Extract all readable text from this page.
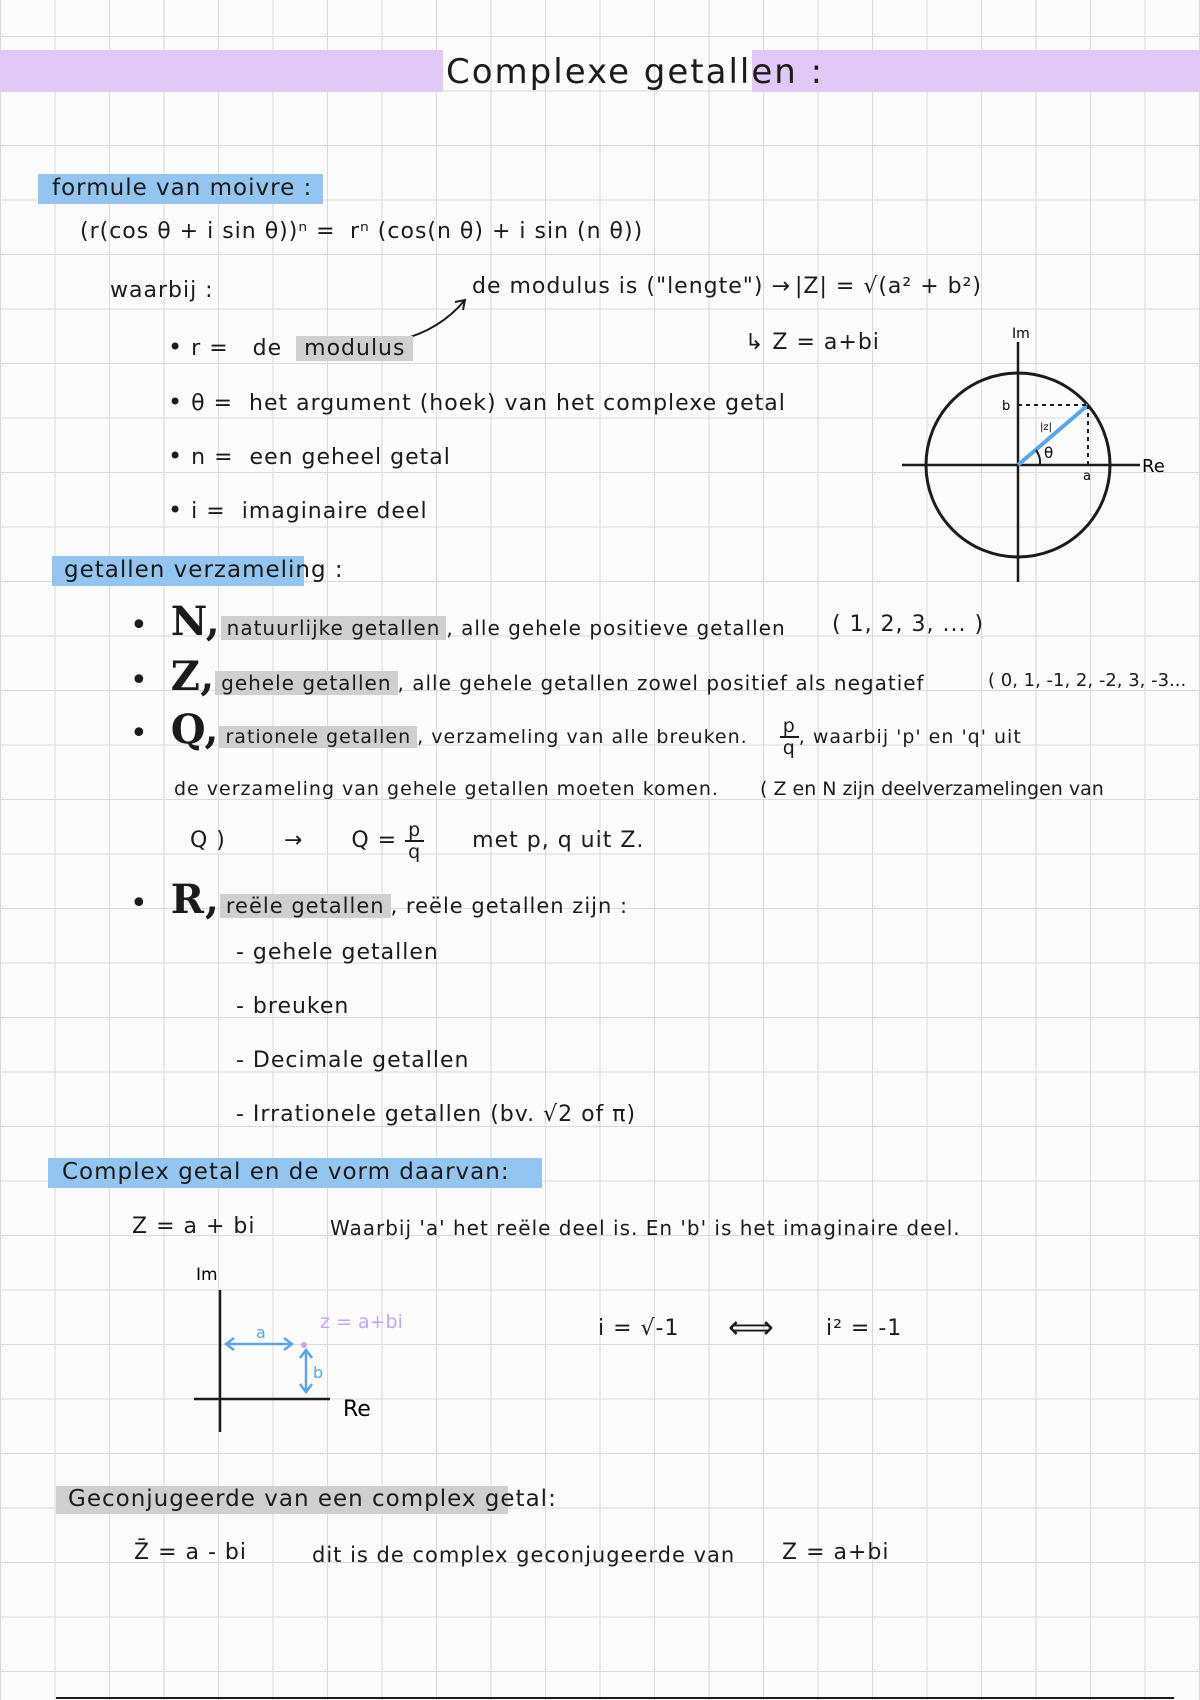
Complexe getallen :
formule van moivre :
(r(cos θ + i sin θ))ⁿ = rⁿ (cos(n θ) + i sin (n θ))
waarbij :	de modulus is ("lengte") → |Z| = √(a² + b²)
↳ Z = a+bi
• r = de modulus
• θ = het argument (hoek) van het complexe getal
• n = een geheel getal
• i = imaginaire deel
Im
Re
b
a
|z|
θ
getallen verzameling :
• N, natuurlijke getallen , alle gehele positieve getallen ( 1, 2, 3, ... )
• Z, gehele getallen , alle gehele getallen zowel positief als negatief	( 0, 1, -1, 2, -2, 3, -3...
• Q, rationele getallen , verzameling van alle breuken. $\frac{p}{q}$ , waarbij 'p' en 'q' uit
de verzameling van gehele getallen moeten komen. ( Z en N zijn deelverzamelingen van
Q )	→ $Q = \frac{p}{q}$ met p, q uit Z.
• R, reële getallen , reële getallen zijn :
- gehele getallen
- breuken
- Decimale getallen
- Irrationele getallen (bv. √2 of π)
Complex getal en de vorm daarvan:
Z = a + bi	Waarbij 'a' het reële deel is. En 'b' is het imaginaire deel.
Im
Re
a
b
z = a+bi	i = √-1 ⟺ i² = -1
Geconjugeerde van een complex getal:
Z̄ = a - bi	dit is de complex geconjugeerde van Z = a+bi
